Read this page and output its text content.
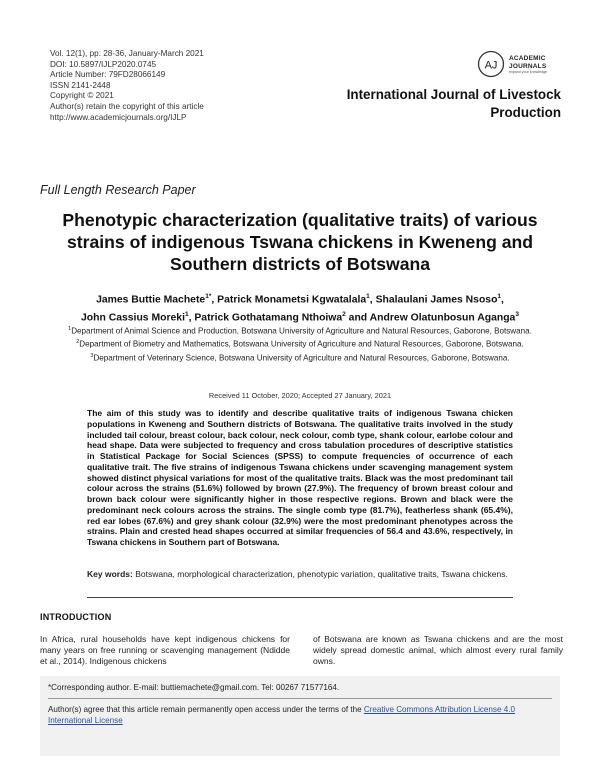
Vol. 12(1), pp. 28-36, January-March 2021
DOI: 10.5897/IJLP2020.0745
Article Number: 79FD28066149
ISSN 2141-2448
Copyright © 2021
Author(s) retain the copyright of this article
http://www.academicjournals.org/IJLP
AJ
ACADEMIC
JOURNALS
expand your knowledge
International Journal of Livestock Production
Full Length Research Paper
Phenotypic characterization (qualitative traits) of various strains of indigenous Tswana chickens in Kweneng and Southern districts of Botswana
James Buttie Machete$^{1*}$, Patrick Monametsi Kgwatalala$^1$, Shalaulani James Nsoso$^1$,
John Cassius Moreki$^1$, Patrick Gothatamang Nthoiwa$^2$ and Andrew Olatunbosun Aganga$^3$
$^1$Department of Animal Science and Production, Botswana University of Agriculture and Natural Resources, Gaborone, Botswana.
$^2$Department of Biometry and Mathematics, Botswana University of Agriculture and Natural Resources, Gaborone, Botswana.
$^3$Department of Veterinary Science, Botswana University of Agriculture and Natural Resources, Gaborone, Botswana.
Received 11 October, 2020; Accepted 27 January, 2021
The aim of this study was to identify and describe qualitative traits of indigenous Tswana chicken populations in Kweneng and Southern districts of Botswana. The qualitative traits involved in the study included tail colour, breast colour, back colour, neck colour, comb type, shank colour, earlobe colour and head shape. Data were subjected to frequency and cross tabulation procedures of descriptive statistics in Statistical Package for Social Sciences (SPSS) to compute frequencies of occurrence of each qualitative trait. The five strains of indigenous Tswana chickens under scavenging management system showed distinct physical variations for most of the qualitative traits. Black was the most predominant tail colour across the strains (51.6%) followed by brown (27.9%). The frequency of brown breast colour and brown back colour were significantly higher in those respective regions. Brown and black were the predominant neck colours across the strains. The single comb type (81.7%), featherless shank (65.4%), red ear lobes (67.6%) and grey shank colour (32.9%) were the most predominant phenotypes across the strains. Plain and crested head shapes occurred at similar frequencies of 56.4 and 43.6%, respectively, in Tswana chickens in Southern part of Botswana.
Key words: Botswana, morphological characterization, phenotypic variation, qualitative traits, Tswana chickens.
INTRODUCTION
In Africa, rural households have kept indigenous chickens for many years on free running or scavenging management (Ndidde et al., 2014). Indigenous chickens
of Botswana are known as Tswana chickens and are the most widely spread domestic animal, which almost every rural family owns.
*Corresponding author. E-mail: buttiemachete@gmail.com. Tel: 00267 71577164.
Author(s) agree that this article remain permanently open access under the terms of the Creative Commons Attribution License 4.0 International License
